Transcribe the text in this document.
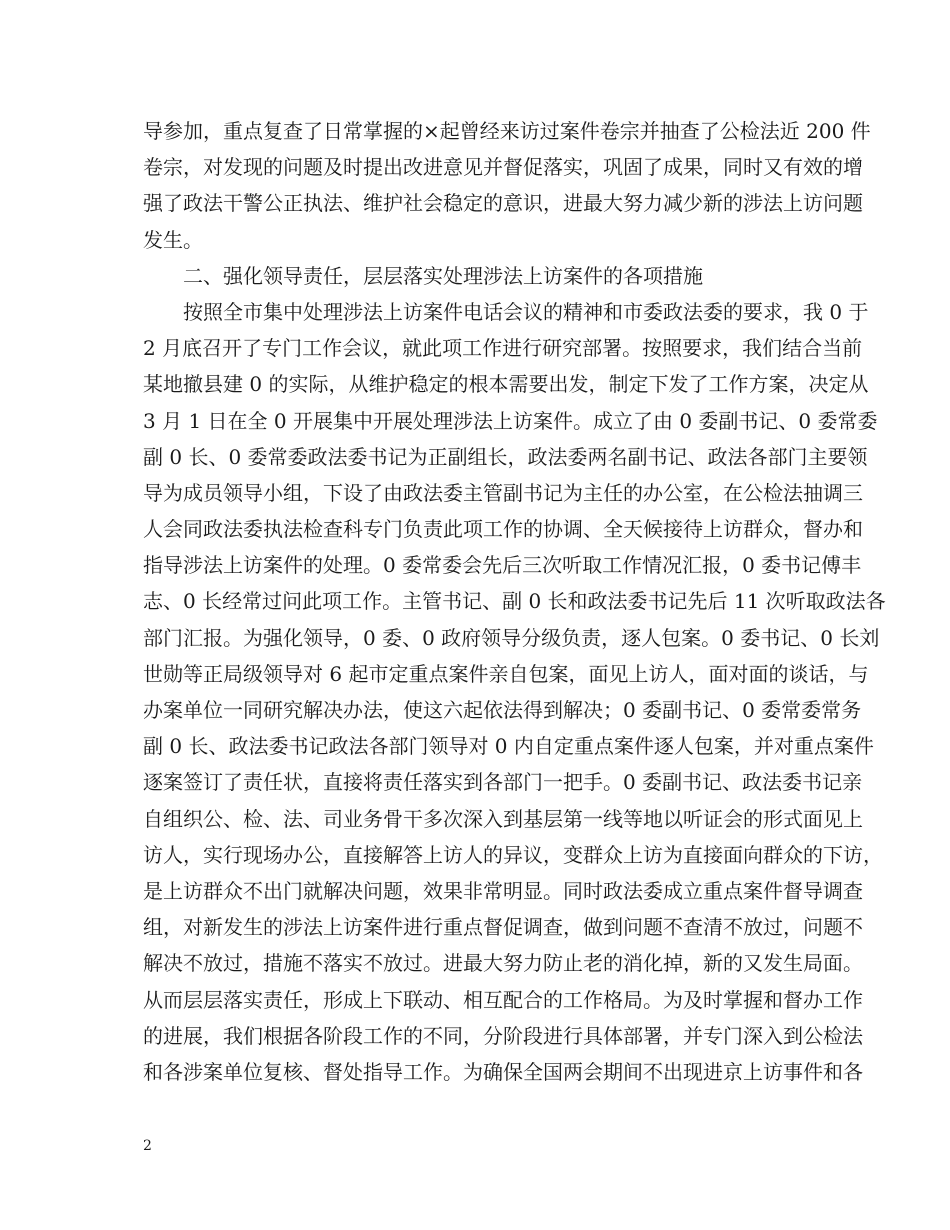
导参加，重点复查了日常掌握的×起曾经来访过案件卷宗并抽查了公检法近 200 件
卷宗，对发现的问题及时提出改进意见并督促落实，巩固了成果，同时又有效的增
强了政法干警公正执法、维护社会稳定的意识，进最大努力减少新的涉法上访问题
发生。
二、强化领导责任，层层落实处理涉法上访案件的各项措施
按照全市集中处理涉法上访案件电话会议的精神和市委政法委的要求，我 0 于
2 月底召开了专门工作会议，就此项工作进行研究部署。按照要求，我们结合当前
某地撤县建 0 的实际，从维护稳定的根本需要出发，制定下发了工作方案，决定从
3 月 1 日在全 0 开展集中开展处理涉法上访案件。成立了由 0 委副书记、0 委常委
副 0 长、0 委常委政法委书记为正副组长，政法委两名副书记、政法各部门主要领
导为成员领导小组，下设了由政法委主管副书记为主任的办公室，在公检法抽调三
人会同政法委执法检查科专门负责此项工作的协调、全天候接待上访群众，督办和
指导涉法上访案件的处理。0 委常委会先后三次听取工作情况汇报，0 委书记傅丰
志、0 长经常过问此项工作。主管书记、副 0 长和政法委书记先后 11 次听取政法各
部门汇报。为强化领导，0 委、0 政府领导分级负责，逐人包案。0 委书记、0 长刘
世勋等正局级领导对 6 起市定重点案件亲自包案，面见上访人，面对面的谈话，与
办案单位一同研究解决办法，使这六起依法得到解决；0 委副书记、0 委常委常务
副 0 长、政法委书记政法各部门领导对 0 内自定重点案件逐人包案，并对重点案件
逐案签订了责任状，直接将责任落实到各部门一把手。0 委副书记、政法委书记亲
自组织公、检、法、司业务骨干多次深入到基层第一线等地以听证会的形式面见上
访人，实行现场办公，直接解答上访人的异议，变群众上访为直接面向群众的下访，
是上访群众不出门就解决问题，效果非常明显。同时政法委成立重点案件督导调查
组，对新发生的涉法上访案件进行重点督促调查，做到问题不查清不放过，问题不
解决不放过，措施不落实不放过。进最大努力防止老的消化掉，新的又发生局面。
从而层层落实责任，形成上下联动、相互配合的工作格局。为及时掌握和督办工作
的进展，我们根据各阶段工作的不同，分阶段进行具体部署，并专门深入到公检法
和各涉案单位复核、督处指导工作。为确保全国两会期间不出现进京上访事件和各
2
